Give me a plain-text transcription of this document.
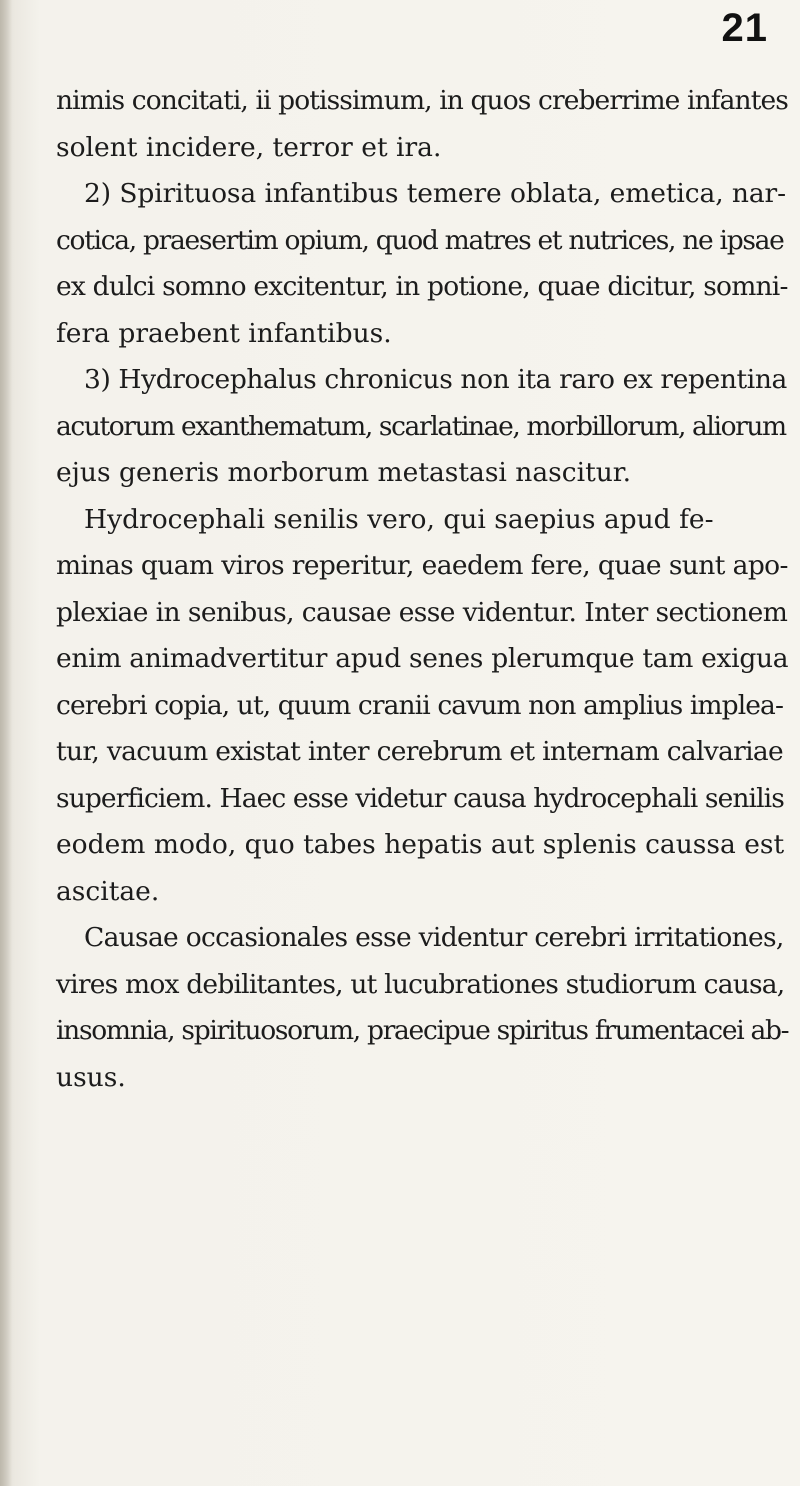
21
nimis concitati, ii potissimum, in quos creberrime infantes
solent incidere, terror et ira.
2) Spirituosa infantibus temere oblata, emetica, nar-
cotica, praesertim opium, quod matres et nutrices, ne ipsae
ex dulci somno excitentur, in potione, quae dicitur, somni-
fera praebent infantibus.
3) Hydrocephalus chronicus non ita raro ex repentina
acutorum exanthematum, scarlatinae, morbillorum, aliorum
ejus generis morborum metastasi nascitur.
Hydrocephali senilis vero, qui saepius apud fe-
minas quam viros reperitur, eaedem fere, quae sunt apo-
plexiae in senibus, causae esse videntur. Inter sectionem
enim animadvertitur apud senes plerumque tam exigua
cerebri copia, ut, quum cranii cavum non amplius implea-
tur, vacuum existat inter cerebrum et internam calvariae
superficiem. Haec esse videtur causa hydrocephali senilis
eodem modo, quo tabes hepatis aut splenis caussa est
ascitae.
Causae occasionales esse videntur cerebri irritationes,
vires mox debilitantes, ut lucubrationes studiorum causa,
insomnia, spirituosorum, praecipue spiritus frumentacei ab-
usus.
